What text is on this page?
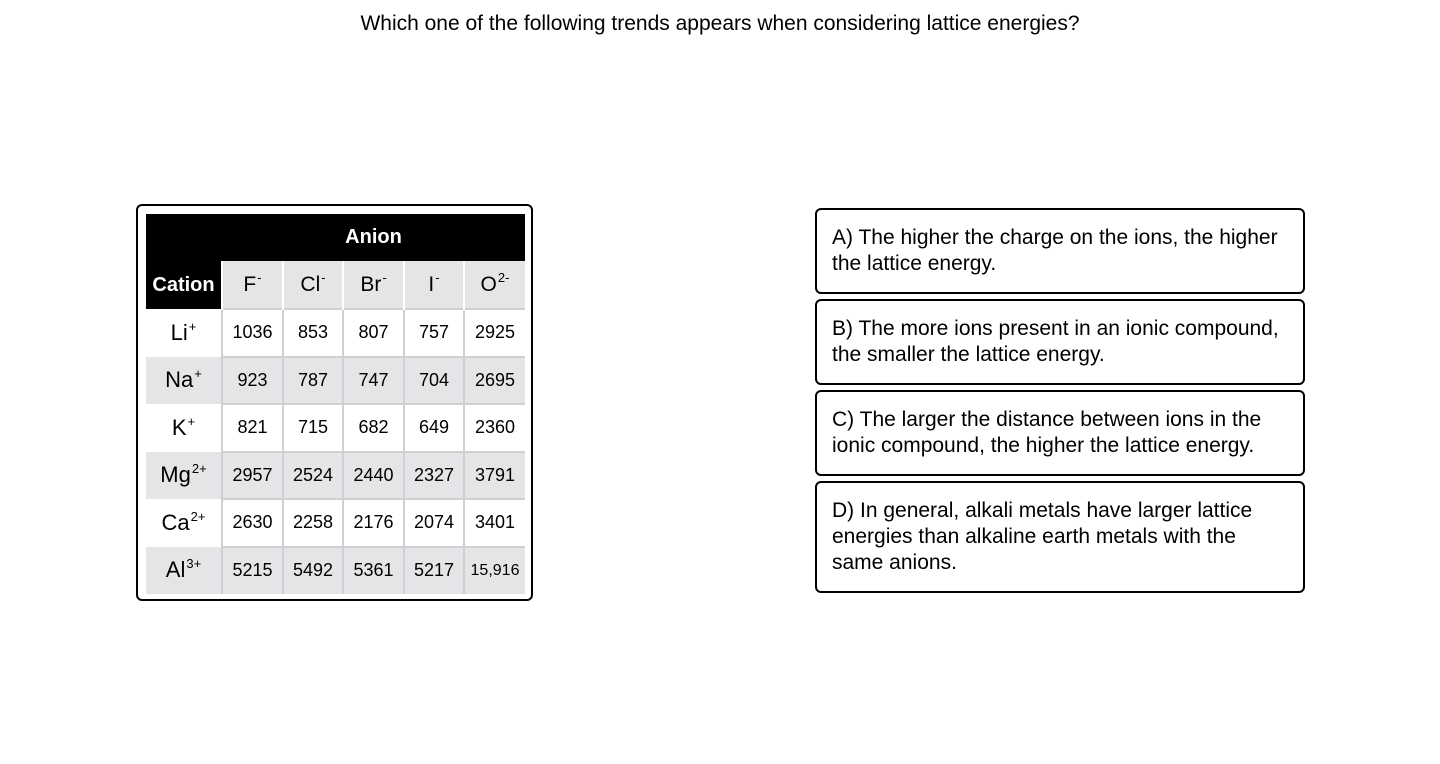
Which one of the following trends appears when considering lattice energies?
	Anion				
Cation	F-	Cl-	Br-	I-	$O^{2-}$
Li+	1036	853	807	757	2925
Na+	923	787	747	704	2695
K+	821	715	682	649	2360
$Mg^{2+}$	2957	2524	2440	2327	3791
$Ca^{2+}$	2630	2258	2176	2074	3401
$Al^{3+}$	5215	5492	5361	5217	15,916
A) The higher the charge on the ions, the higher the lattice energy.
B) The more ions present in an ionic compound, the smaller the lattice energy.
C) The larger the distance between ions in the ionic compound, the higher the lattice energy.
D) In general, alkali metals have larger lattice energies than alkaline earth metals with the same anions.
